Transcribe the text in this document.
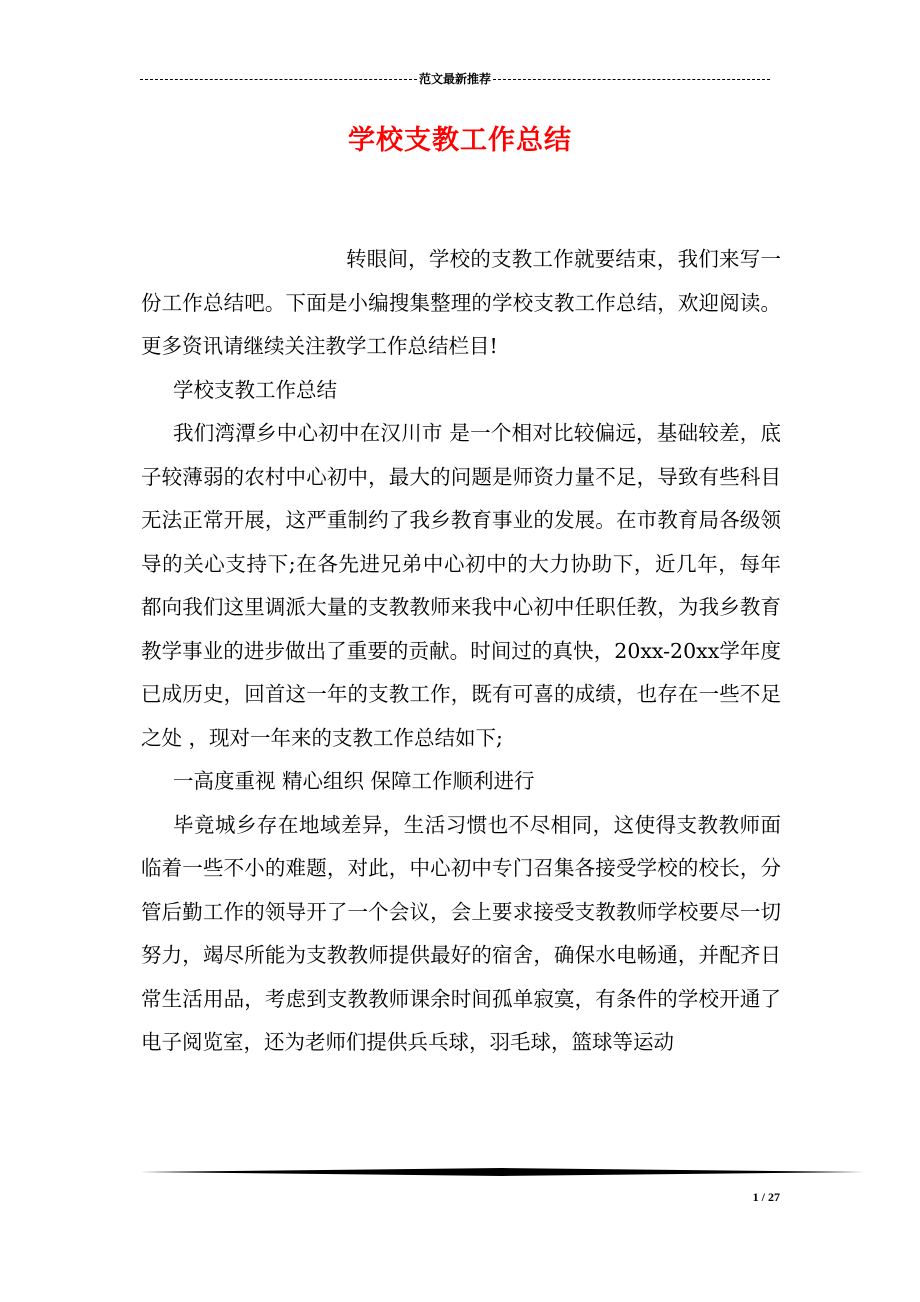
范文最新推荐
学校支教工作总结

转眼间，学校的支教工作就要结束，我们来写一份工作总结吧。下面是小编搜集整理的学校支教工作总结，欢迎阅读。更多资讯请继续关注教学工作总结栏目!

学校支教工作总结

我们湾潭乡中心初中在汉川市 是一个相对比较偏远，基础较差，底子较薄弱的农村中心初中，最大的问题是师资力量不足，导致有些科目无法正常开展，这严重制约了我乡教育事业的发展。在市教育局各级领导的关心支持下;在各先进兄弟中心初中的大力协助下，近几年，每年都向我们这里调派大量的支教教师来我中心初中任职任教，为我乡教育教学事业的进步做出了重要的贡献。时间过的真快，20xx-20xx学年度已成历史，回首这一年的支教工作，既有可喜的成绩，也存在一些不足之处 ，现对一年来的支教工作总结如下;

一高度重视 精心组织 保障工作顺利进行

毕竟城乡存在地域差异，生活习惯也不尽相同，这使得支教教师面临着一些不小的难题，对此，中心初中专门召集各接受学校的校长，分管后勤工作的领导开了一个会议，会上要求接受支教教师学校要尽一切努力，竭尽所能为支教教师提供最好的宿舍，确保水电畅通，并配齐日常生活用品，考虑到支教教师课余时间孤单寂寞，有条件的学校开通了电子阅览室，还为老师们提供兵乓球，羽毛球，篮球等运动

1 / 27
